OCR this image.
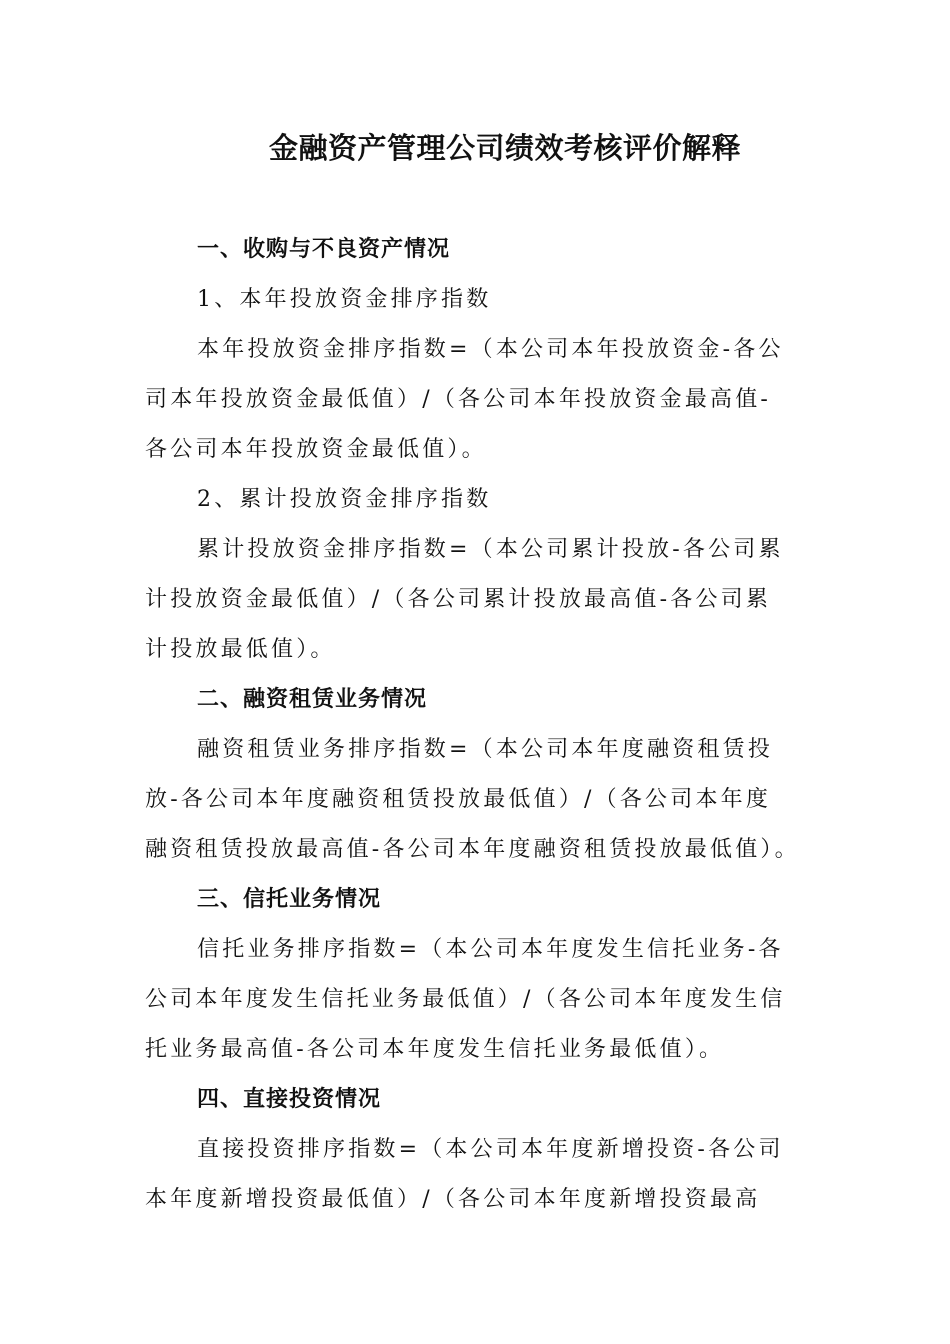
金融资产管理公司绩效考核评价解释
一、收购与不良资产情况
1、本年投放资金排序指数
本年投放资金排序指数=（本公司本年投放资金-各公
司本年投放资金最低值）/（各公司本年投放资金最高值-
各公司本年投放资金最低值）。
2、累计投放资金排序指数
累计投放资金排序指数=（本公司累计投放-各公司累
计投放资金最低值）/（各公司累计投放最高值-各公司累
计投放最低值）。
二、融资租赁业务情况
融资租赁业务排序指数=（本公司本年度融资租赁投
放-各公司本年度融资租赁投放最低值）/（各公司本年度
融资租赁投放最高值-各公司本年度融资租赁投放最低值）。
三、信托业务情况
信托业务排序指数=（本公司本年度发生信托业务-各
公司本年度发生信托业务最低值）/（各公司本年度发生信
托业务最高值-各公司本年度发生信托业务最低值）。
四、直接投资情况
直接投资排序指数=（本公司本年度新增投资-各公司
本年度新增投资最低值）/（各公司本年度新增投资最高
